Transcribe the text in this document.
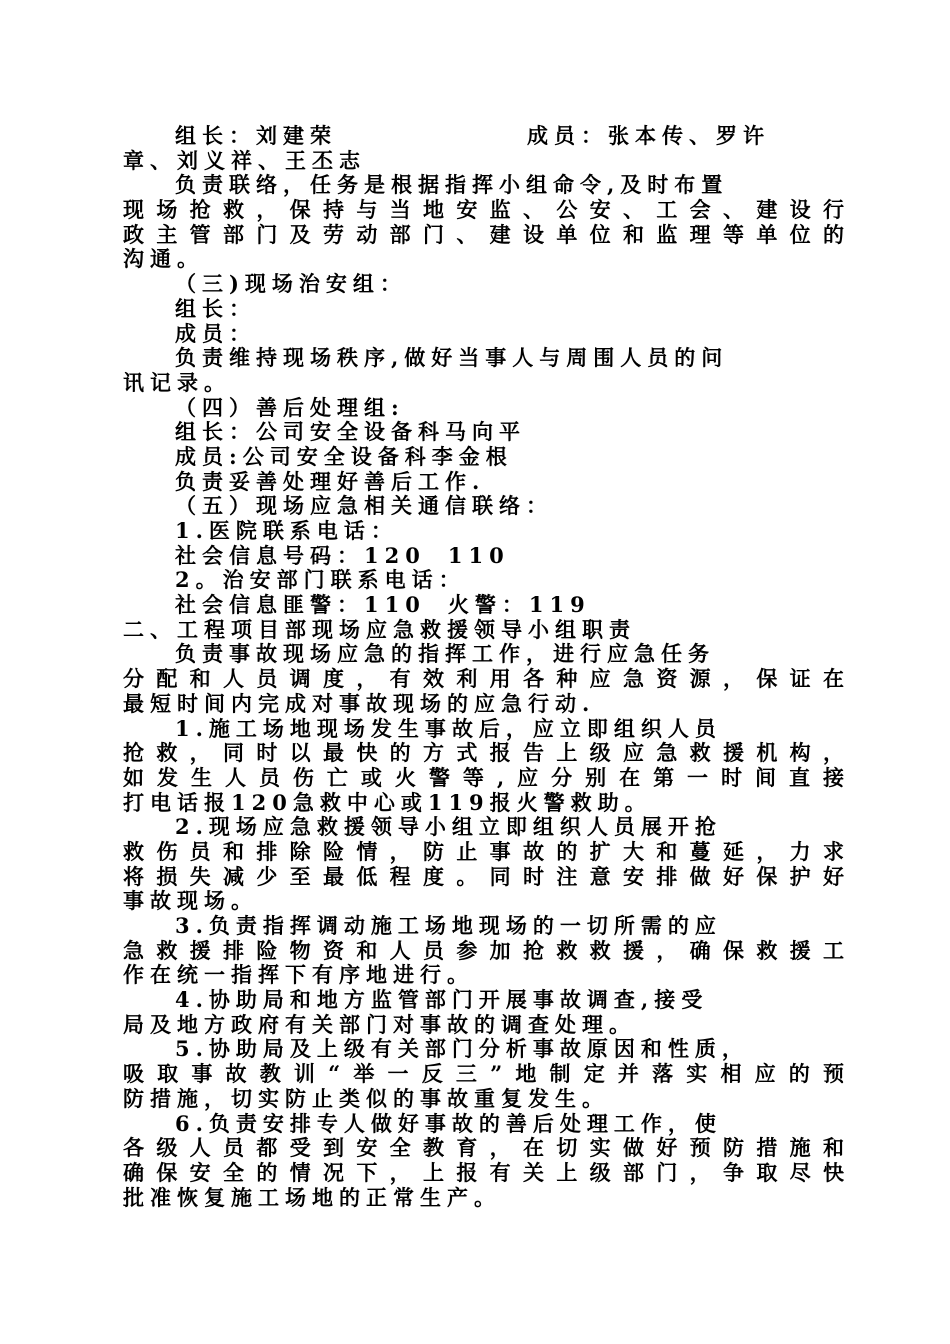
组长：刘建荣	成员：张本传、罗许
章、刘义祥、王丕志
负责联络，任务是根据指挥小组命令,及时布置
现场抢救，保持与当地安监、公安、工会、建设行
政主管部门及劳动部门、建设单位和监理等单位的
沟通。
（三)现场治安组：
组长：
成员：
负责维持现场秩序,做好当事人与周围人员的问
讯记录。
（四）善后处理组:
组长：公司安全设备科马向平
成员:公司安全设备科李金根
负责妥善处理好善后工作.
（五）现场应急相关通信联络：
1.医院联系电话：
社会信息号码：120 110
2。治安部门联系电话：
社会信息匪警：110 火警：119
二、工程项目部现场应急救援领导小组职责
负责事故现场应急的指挥工作，进行应急任务
分配和人员调度，有效利用各种应急资源，保证在
最短时间内完成对事故现场的应急行动.
1.施工场地现场发生事故后，应立即组织人员
抢救，同时以最快的方式报告上级应急救援机构，
如发生人员伤亡或火警等,应分别在第一时间直接
打电话报120急救中心或119报火警救助。
2.现场应急救援领导小组立即组织人员展开抢
救伤员和排除险情，防止事故的扩大和蔓延，力求
将损失减少至最低程度。同时注意安排做好保护好
事故现场。
3.负责指挥调动施工场地现场的一切所需的应
急救援排险物资和人员参加抢救救援，确保救援工
作在统一指挥下有序地进行。
4.协助局和地方监管部门开展事故调查,接受
局及地方政府有关部门对事故的调查处理。
5.协助局及上级有关部门分析事故原因和性质，
吸取事故教训“举一反三”地制定并落实相应的预
防措施，切实防止类似的事故重复发生。
6.负责安排专人做好事故的善后处理工作，使
各级人员都受到安全教育，在切实做好预防措施和
确保安全的情况下，上报有关上级部门，争取尽快
批准恢复施工场地的正常生产。
